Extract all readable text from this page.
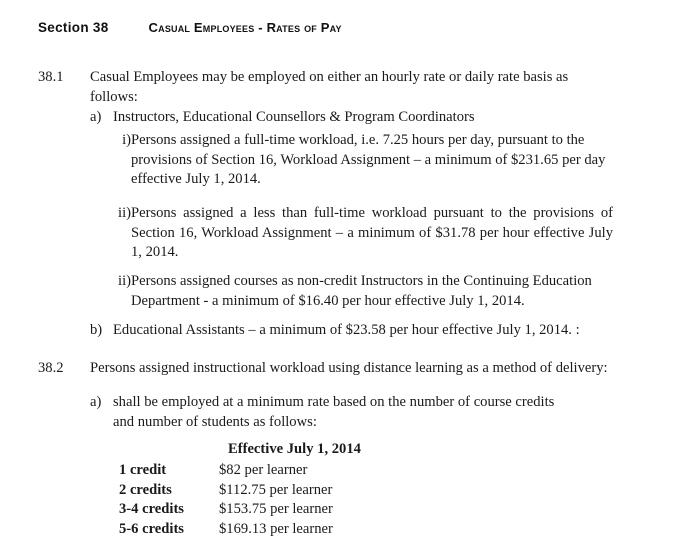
Section 38	Casual Employees - Rates of Pay
38.1	Casual Employees may be employed on either an hourly rate or daily rate basis as follows:
a) Instructors, Educational Counsellors & Program Coordinators
i) Persons assigned a full-time workload, i.e. 7.25 hours per day, pursuant to the provisions of Section 16, Workload Assignment – a minimum of $231.65 per day effective July 1, 2014.
ii) Persons assigned a less than full-time workload pursuant to the provisions of Section 16, Workload Assignment – a minimum of $31.78 per hour effective July 1, 2014.
ii) Persons assigned courses as non-credit Instructors in the Continuing Education Department - a minimum of $16.40 per hour effective July 1, 2014.
b) Educational Assistants – a minimum of $23.58 per hour effective July 1, 2014. :
38.2	Persons assigned instructional workload using distance learning as a method of delivery:
a) shall be employed at a minimum rate based on the number of course credits and number of students as follows:
	Effective July 1, 2014
1 credit	$82 per learner
2 credits	$112.75 per learner
3-4 credits	$153.75 per learner
5-6 credits	$169.13 per learner
